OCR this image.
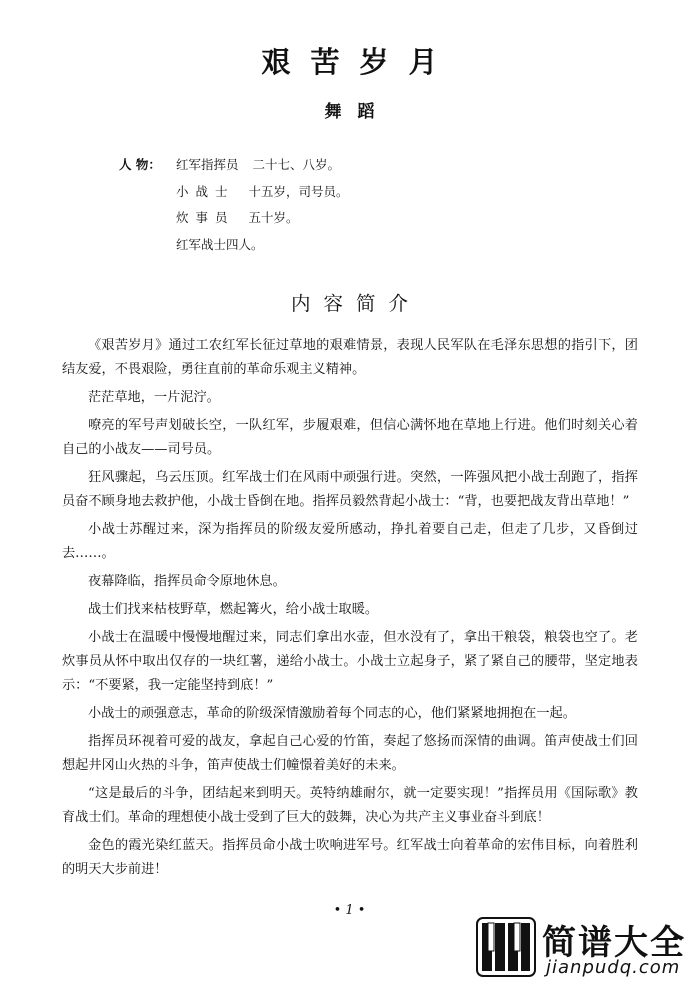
艰苦岁月
舞蹈
人 物：	红军指挥员 二十七、八岁。
小战士 十五岁，司号员。
炊事员 五十岁。
红军战士四人。
内容简介

《艰苦岁月》通过工农红军长征过草地的艰难情景，表现人民军队在毛泽东思想的指引下，团结友爱，不畏艰险，勇往直前的革命乐观主义精神。

茫茫草地，一片泥泞。

嘹亮的军号声划破长空，一队红军，步履艰难，但信心满怀地在草地上行进。他们时刻关心着自己的小战友——司号员。

狂风骤起，乌云压顶。红军战士们在风雨中顽强行进。突然，一阵强风把小战士刮跑了，指挥员奋不顾身地去救护他，小战士昏倒在地。指挥员毅然背起小战士：“背，也要把战友背出草地！”

小战士苏醒过来，深为指挥员的阶级友爱所感动，挣扎着要自己走，但走了几步，又昏倒过去……。

夜幕降临，指挥员命令原地休息。

战士们找来枯枝野草，燃起篝火，给小战士取暖。

小战士在温暖中慢慢地醒过来，同志们拿出水壶，但水没有了，拿出干粮袋，粮袋也空了。老炊事员从怀中取出仅存的一块红薯，递给小战士。小战士立起身子，紧了紧自己的腰带，坚定地表示：“不要紧，我一定能坚持到底！”

小战士的顽强意志，革命的阶级深情激励着每个同志的心，他们紧紧地拥抱在一起。

指挥员环视着可爱的战友，拿起自己心爱的竹笛，奏起了悠扬而深情的曲调。笛声使战士们回想起井冈山火热的斗争，笛声使战士们幢憬着美好的未来。

“这是最后的斗争，团结起来到明天。英特纳雄耐尔，就一定要实现！”指挥员用《国际歌》教育战士们。革命的理想使小战士受到了巨大的鼓舞，决心为共产主义事业奋斗到底！

金色的霞光染红蓝天。指挥员命小战士吹响进军号。红军战士向着革命的宏伟目标，向着胜利的明天大步前进！

• 1 •
简谱大全
jianpudq.com
